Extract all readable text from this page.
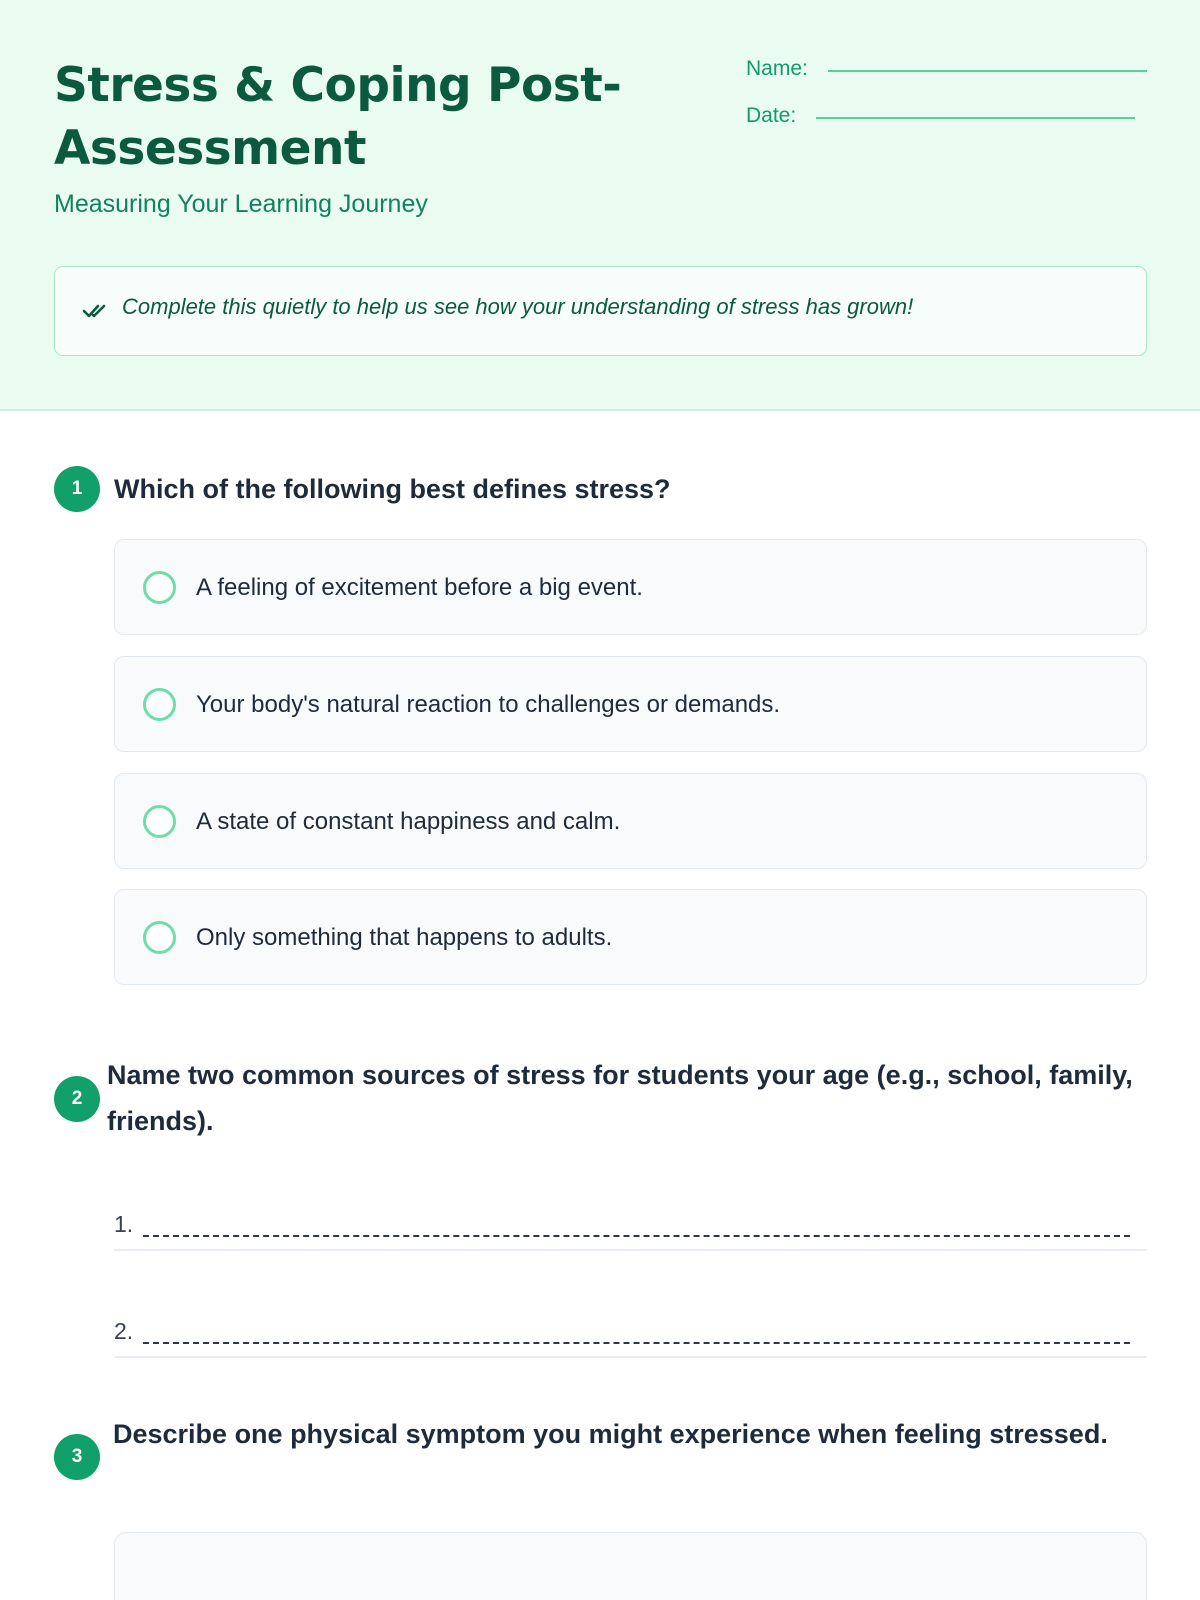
Stress & Coping Post-Assessment
Measuring Your Learning Journey
Name:
Date:
Complete this quietly to help us see how your understanding of stress has grown!
1	Which of the following best defines stress?
A feeling of excitement before a big event.
Your body's natural reaction to challenges or demands.
A state of constant happiness and calm.
Only something that happens to adults.
2
Name two common sources of stress for students your age (e.g., school, family, friends).
1.
2.
3
Describe one physical symptom you might experience when feeling stressed.
